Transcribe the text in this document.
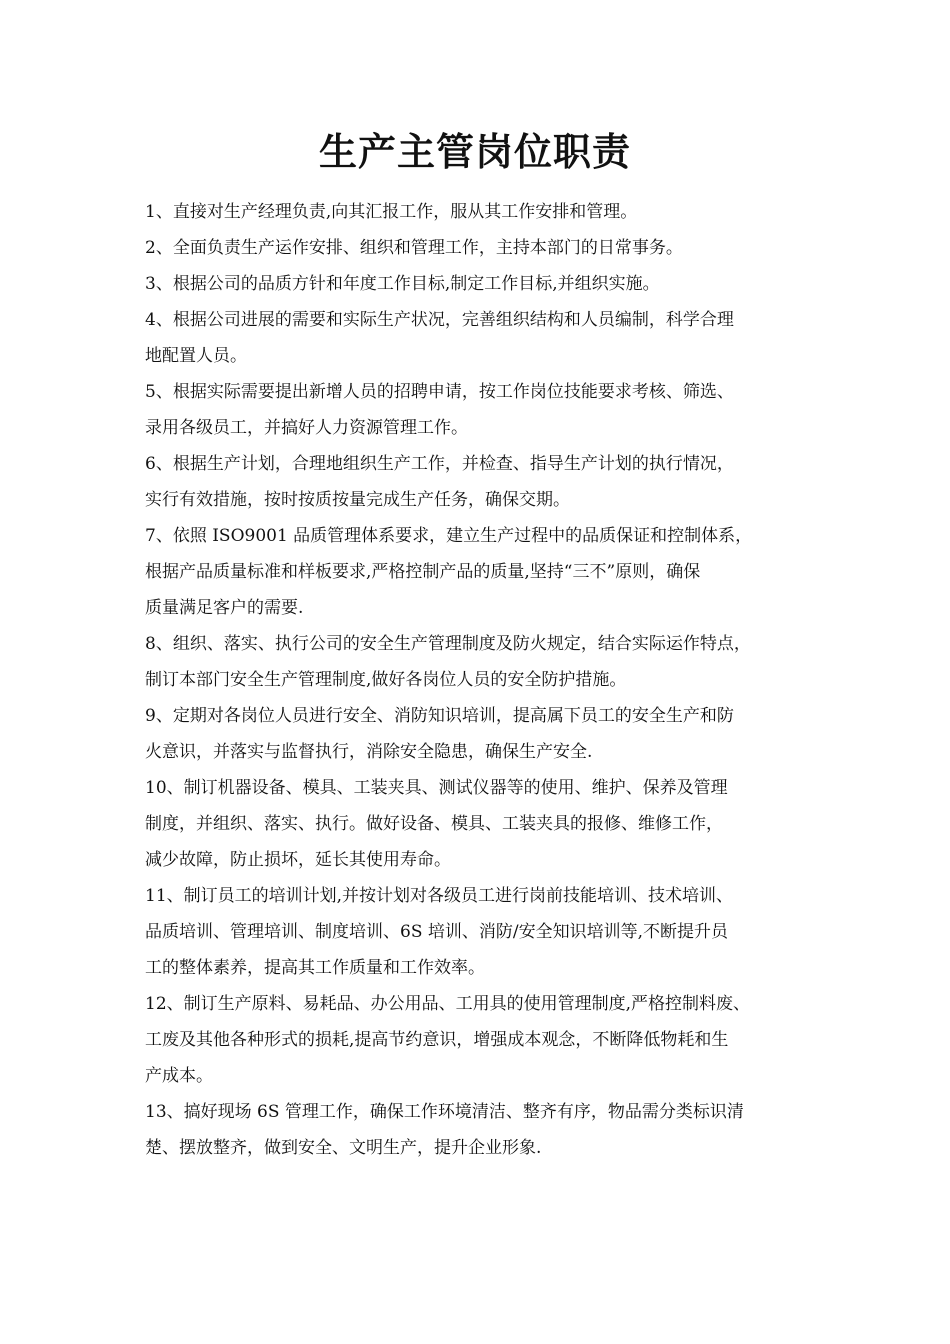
生产主管岗位职责
1、直接对生产经理负责,向其汇报工作，服从其工作安排和管理。
2、全面负责生产运作安排、组织和管理工作，主持本部门的日常事务。
3、根据公司的品质方针和年度工作目标,制定工作目标,并组织实施。
4、根据公司进展的需要和实际生产状况，完善组织结构和人员编制，科学合理
地配置人员。
5、根据实际需要提出新增人员的招聘申请，按工作岗位技能要求考核、筛选、
录用各级员工，并搞好人力资源管理工作。
6、根据生产计划，合理地组织生产工作，并检查、指导生产计划的执行情况，
实行有效措施，按时按质按量完成生产任务，确保交期。
7、依照 ISO9001 品质管理体系要求，建立生产过程中的品质保证和控制体系，
根据产品质量标准和样板要求,严格控制产品的质量,坚持“三不”原则，确保
质量满足客户的需要.
8、组织、落实、执行公司的安全生产管理制度及防火规定，结合实际运作特点，
制订本部门安全生产管理制度,做好各岗位人员的安全防护措施。
9、定期对各岗位人员进行安全、消防知识培训，提高属下员工的安全生产和防
火意识，并落实与监督执行，消除安全隐患，确保生产安全.
10、制订机器设备、模具、工装夹具、测试仪器等的使用、维护、保养及管理
制度，并组织、落实、执行。做好设备、模具、工装夹具的报修、维修工作，
减少故障，防止损坏，延长其使用寿命。
11、制订员工的培训计划,并按计划对各级员工进行岗前技能培训、技术培训、
品质培训、管理培训、制度培训、6S 培训、消防/安全知识培训等,不断提升员
工的整体素养，提高其工作质量和工作效率。
12、制订生产原料、易耗品、办公用品、工用具的使用管理制度,严格控制料废、
工废及其他各种形式的损耗,提高节约意识，增强成本观念，不断降低物耗和生
产成本。
13、搞好现场 6S 管理工作，确保工作环境清洁、整齐有序，物品需分类标识清
楚、摆放整齐，做到安全、文明生产，提升企业形象.
